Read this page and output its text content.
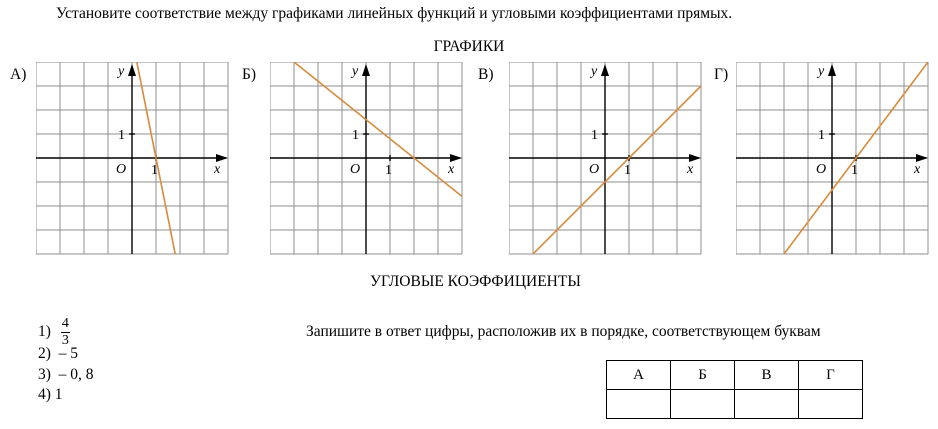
Установите соответствие между графиками линейных функций и угловыми коэффициентами прямых.
ГРАФИКИ
А)	Б)	В)	Г)
y
x
O 1
1
y
x
O 1
1
y
x
O 1
1
y
x
O 1
1
УГЛОВЫЕ КОЭФФИЦИЕНТЫ
$1) \frac{4}{3}$
2) – 5
3) – 0, 8
4) 1
Запишите в ответ цифры, расположив их в порядке, соответствующем буквам
А	Б	В	Г
